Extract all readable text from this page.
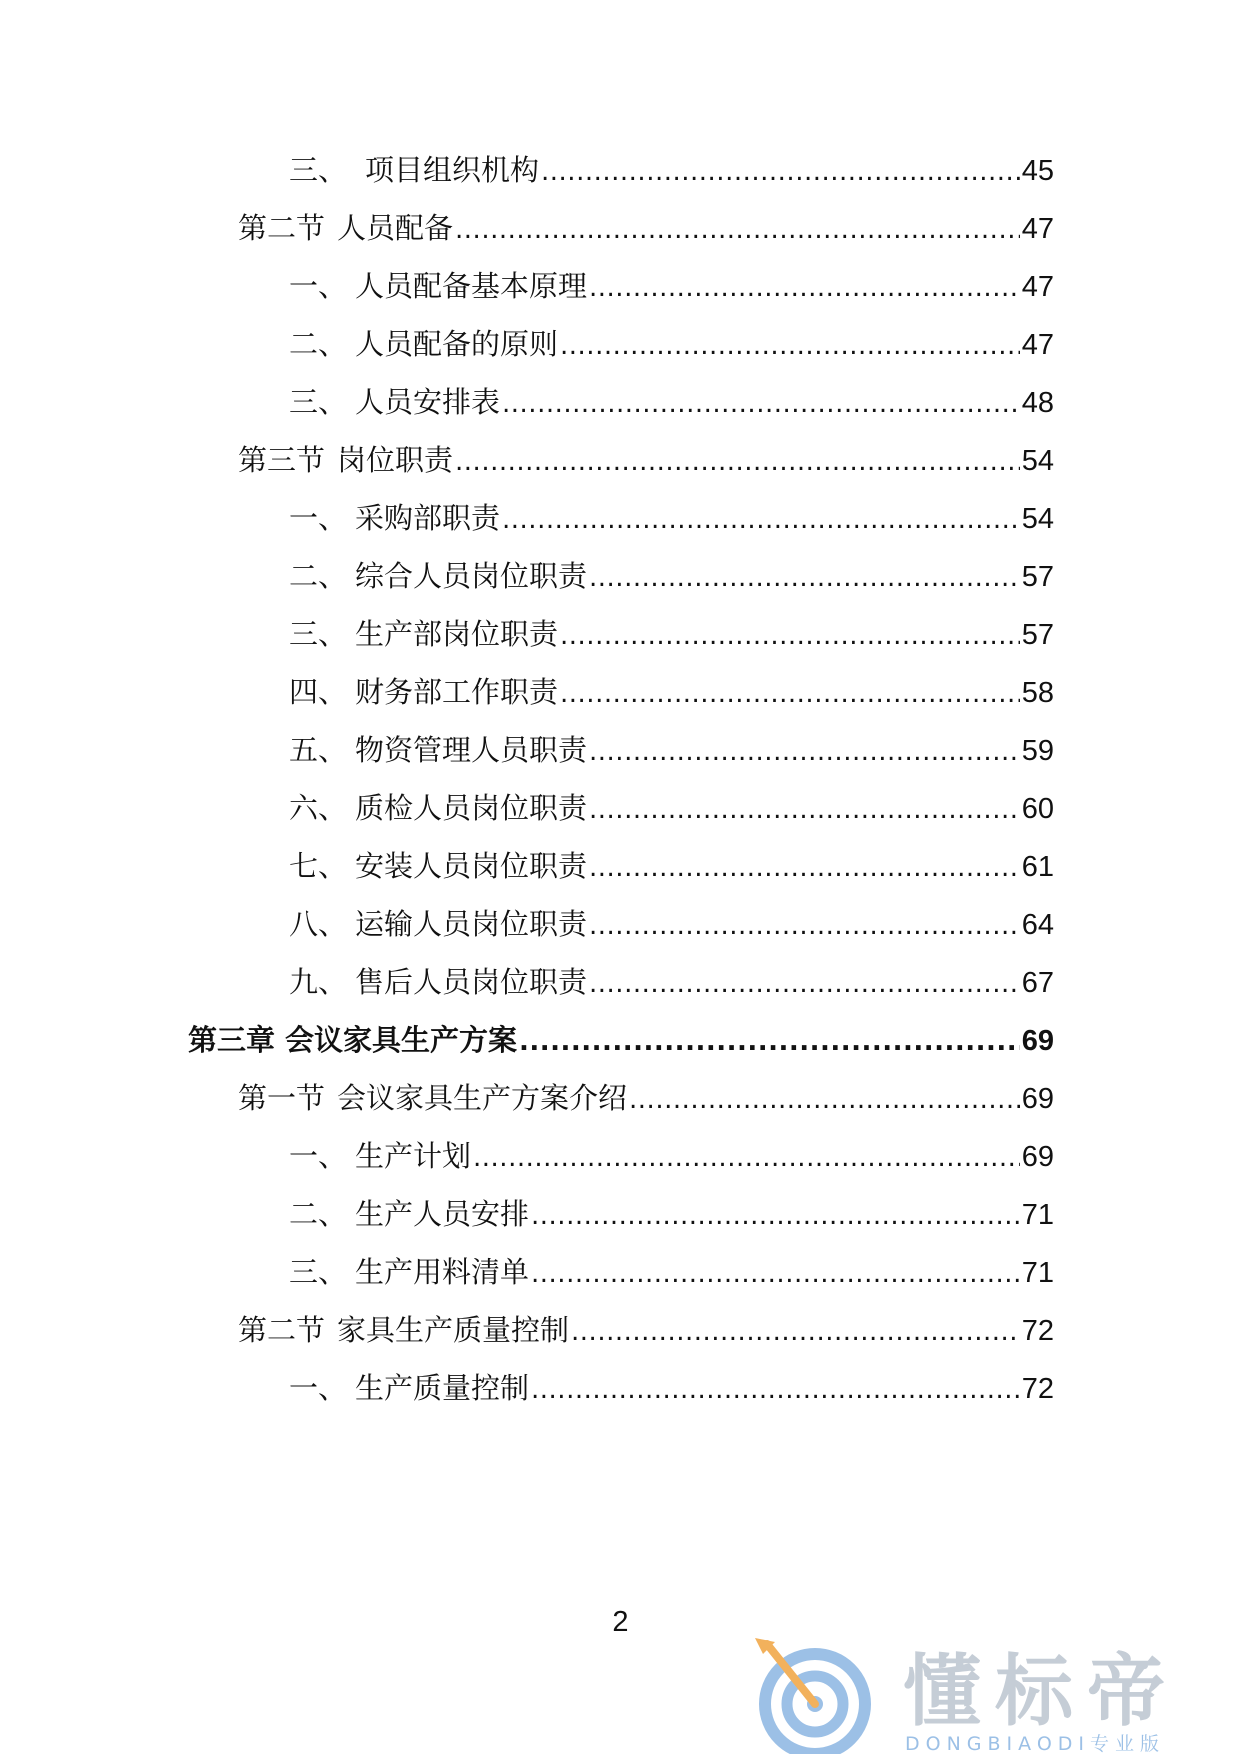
三、 项目组织机构 .....	45
第二节 人员配备 .....	47
一、 人员配备基本原理 .....	47
二、 人员配备的原则 .....	47
三、 人员安排表 .....	48
第三节 岗位职责 .....	54
一、 采购部职责 .....	54
二、 综合人员岗位职责 .....	57
三、 生产部岗位职责 .....	57
四、 财务部工作职责 .....	58
五、 物资管理人员职责 .....	59
六、 质检人员岗位职责 .....	60
七、 安装人员岗位职责 .....	61
八、 运输人员岗位职责 .....	64
九、 售后人员岗位职责 .....	67
第三章 会议家具生产方案 .....	69
第一节 会议家具生产方案介绍 .....	69
一、 生产计划 .....	69
二、 生产人员安排 .....	71
三、 生产用料清单 .....	71
第二节 家具生产质量控制 .....	72
一、 生产质量控制 .....	72
2
懂标帝
DONGBIAODI专业版
